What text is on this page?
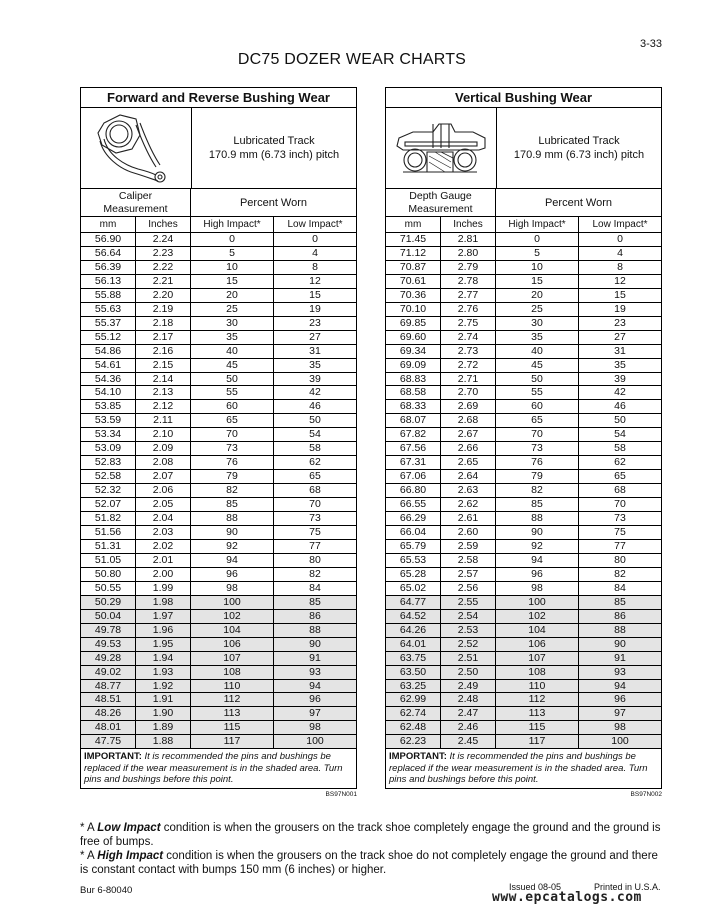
3-33
DC75 DOZER WEAR CHARTS
Forward and Reverse Bushing Wear
Lubricated Track
170.9 mm (6.73 inch) pitch
Caliper
Measurement
Percent Worn
mm	Inches	High Impact*	Low Impact*
56.90	2.24	0	0
56.64	2.23	5	4
56.39	2.22	10	8
56.13	2.21	15	12
55.88	2.20	20	15
55.63	2.19	25	19
55.37	2.18	30	23
55.12	2.17	35	27
54.86	2.16	40	31
54.61	2.15	45	35
54.36	2.14	50	39
54.10	2.13	55	42
53.85	2.12	60	46
53.59	2.11	65	50
53.34	2.10	70	54
53.09	2.09	73	58
52.83	2.08	76	62
52.58	2.07	79	65
52.32	2.06	82	68
52.07	2.05	85	70
51.82	2.04	88	73
51.56	2.03	90	75
51.31	2.02	92	77
51.05	2.01	94	80
50.80	2.00	96	82
50.55	1.99	98	84
50.29	1.98	100	85
50.04	1.97	102	86
49.78	1.96	104	88
49.53	1.95	106	90
49.28	1.94	107	91
49.02	1.93	108	93
48.77	1.92	110	94
48.51	1.91	112	96
48.26	1.90	113	97
48.01	1.89	115	98
47.75	1.88	117	100
IMPORTANT: It is recommended the pins and bushings be replaced if the wear measurement is in the shaded area. Turn pins and bushings before this point.
BS97N001
Vertical Bushing Wear
Lubricated Track
170.9 mm (6.73 inch) pitch
Depth Gauge
Measurement
Percent Worn
mm	Inches	High Impact*	Low Impact*
71.45	2.81	0	0
71.12	2.80	5	4
70.87	2.79	10	8
70.61	2.78	15	12
70.36	2.77	20	15
70.10	2.76	25	19
69.85	2.75	30	23
69.60	2.74	35	27
69.34	2.73	40	31
69.09	2.72	45	35
68.83	2.71	50	39
68.58	2.70	55	42
68.33	2.69	60	46
68.07	2.68	65	50
67.82	2.67	70	54
67.56	2.66	73	58
67.31	2.65	76	62
67.06	2.64	79	65
66.80	2.63	82	68
66.55	2.62	85	70
66.29	2.61	88	73
66.04	2.60	90	75
65.79	2.59	92	77
65.53	2.58	94	80
65.28	2.57	96	82
65.02	2.56	98	84
64.77	2.55	100	85
64.52	2.54	102	86
64.26	2.53	104	88
64.01	2.52	106	90
63.75	2.51	107	91
63.50	2.50	108	93
63.25	2.49	110	94
62.99	2.48	112	96
62.74	2.47	113	97
62.48	2.46	115	98
62.23	2.45	117	100
IMPORTANT: It is recommended the pins and bushings be replaced if the wear measurement is in the shaded area. Turn pins and bushings before this point.
BS97N002

* A Low Impact condition is when the grousers on the track shoe completely engage the ground and the ground is free of bumps.

* A High Impact condition is when the grousers on the track shoe do not completely engage the ground and there is constant contact with bumps 150 mm (6 inches) or higher.

Bur 6-80040	Issued 08-05	Printed in U.S.A.
www.epcatalogs.com
